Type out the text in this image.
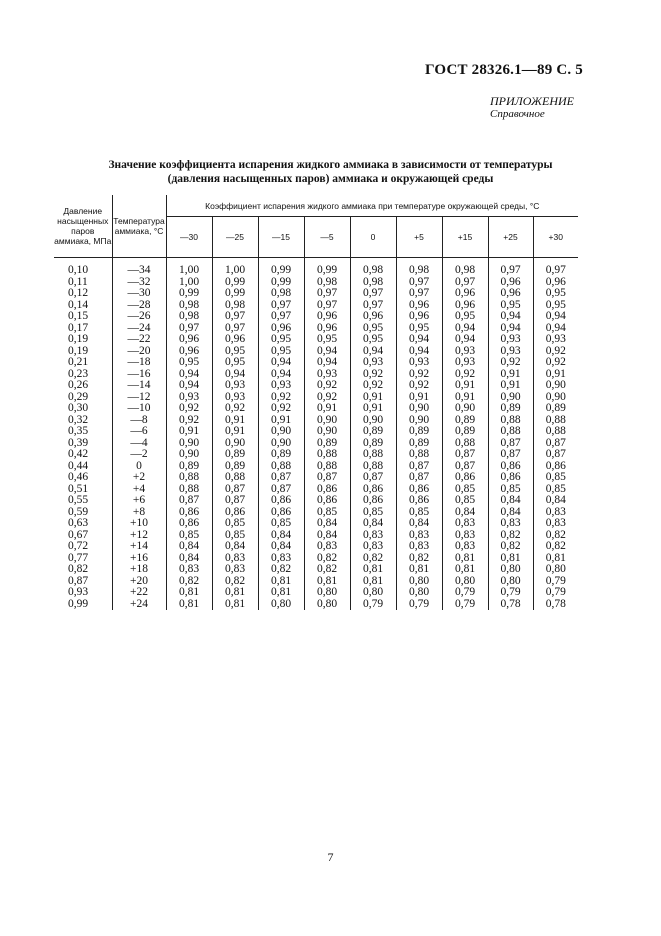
ГОСТ 28326.1—89 С. 5
ПРИЛОЖЕНИЕ
Справочное
Значение коэффициента испарения жидкого аммиака в зависимости от температуры
(давления насыщенных паров) аммиака и окружающей среды
Давление насыщенных паров аммиака, МПа	Температура аммиака, °С	Коэффициент испарения жидкого аммиака при температуре окружающей среды, °С								
		—30	—25	—15	—5	0	+5	+15	+25	+30
0,10	—34	1,00	1,00	0,99	0,99	0,98	0,98	0,98	0,97	0,97
0,11	—32	1,00	0,99	0,99	0,98	0,98	0,97	0,97	0,96	0,96
0,12	—30	0,99	0,99	0,98	0,97	0,97	0,97	0,96	0,96	0,95
0,14	—28	0,98	0,98	0,97	0,97	0,97	0,96	0,96	0,95	0,95
0,15	—26	0,98	0,97	0,97	0,96	0,96	0,96	0,95	0,94	0,94
0,17	—24	0,97	0,97	0,96	0,96	0,95	0,95	0,94	0,94	0,94
0,19	—22	0,96	0,96	0,95	0,95	0,95	0,94	0,94	0,93	0,93
0,19	—20	0,96	0,95	0,95	0,94	0,94	0,94	0,93	0,93	0,92
0,21	—18	0,95	0,95	0,94	0,94	0,93	0,93	0,93	0,92	0,92
0,23	—16	0,94	0,94	0,94	0,93	0,92	0,92	0,92	0,91	0,91
0,26	—14	0,94	0,93	0,93	0,92	0,92	0,92	0,91	0,91	0,90
0,29	—12	0,93	0,93	0,92	0,92	0,91	0,91	0,91	0,90	0,90
0,30	—10	0,92	0,92	0,92	0,91	0,91	0,90	0,90	0,89	0,89
0,32	—8	0,92	0,91	0,91	0,90	0,90	0,90	0,89	0,88	0,88
0,35	—6	0,91	0,91	0,90	0,90	0,89	0,89	0,89	0,88	0,88
0,39	—4	0,90	0,90	0,90	0,89	0,89	0,89	0,88	0,87	0,87
0,42	—2	0,90	0,89	0,89	0,88	0,88	0,88	0,87	0,87	0,87
0,44	0	0,89	0,89	0,88	0,88	0,88	0,87	0,87	0,86	0,86
0,46	+2	0,88	0,88	0,87	0,87	0,87	0,87	0,86	0,86	0,85
0,51	+4	0,88	0,87	0,87	0,86	0,86	0,86	0,85	0,85	0,85
0,55	+6	0,87	0,87	0,86	0,86	0,86	0,86	0,85	0,84	0,84
0,59	+8	0,86	0,86	0,86	0,85	0,85	0,85	0,84	0,84	0,83
0,63	+10	0,86	0,85	0,85	0,84	0,84	0,84	0,83	0,83	0,83
0,67	+12	0,85	0,85	0,84	0,84	0,83	0,83	0,83	0,82	0,82
0,72	+14	0,84	0,84	0,84	0,83	0,83	0,83	0,83	0,82	0,82
0,77	+16	0,84	0,83	0,83	0,82	0,82	0,82	0,81	0,81	0,81
0,82	+18	0,83	0,83	0,82	0,82	0,81	0,81	0,81	0,80	0,80
0,87	+20	0,82	0,82	0,81	0,81	0,81	0,80	0,80	0,80	0,79
0,93	+22	0,81	0,81	0,81	0,80	0,80	0,80	0,79	0,79	0,79
0,99	+24	0,81	0,81	0,80	0,80	0,79	0,79	0,79	0,78	0,78
7
